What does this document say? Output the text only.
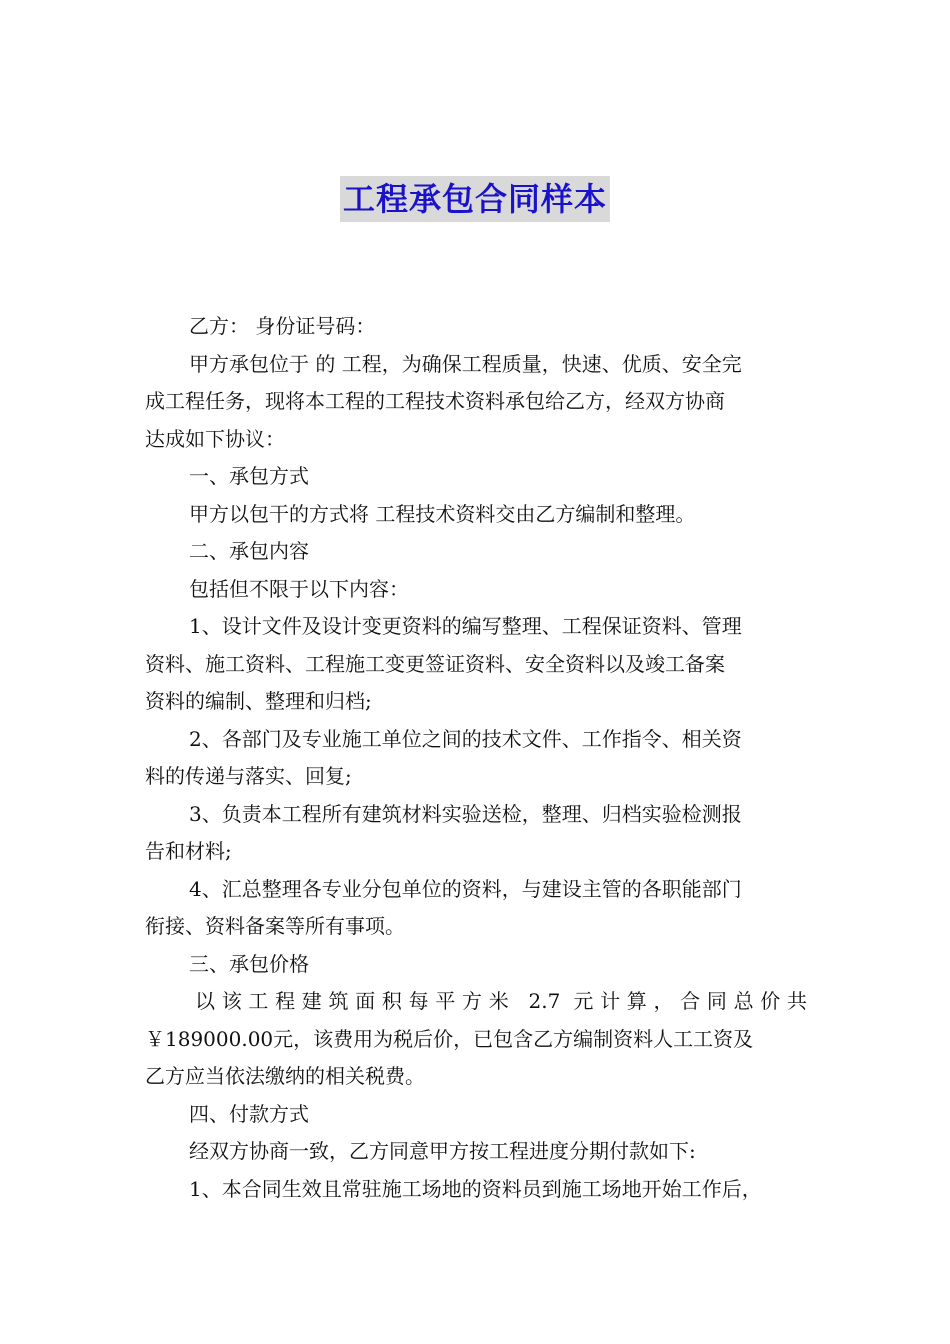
工程承包合同样本
乙方： 身份证号码：
甲方承包位于 的 工程，为确保工程质量，快速、优质、安全完
成工程任务，现将本工程的工程技术资料承包给乙方，经双方协商
达成如下协议：
一、承包方式
甲方以包干的方式将 工程技术资料交由乙方编制和整理。
二、承包内容
包括但不限于以下内容：
1、设计文件及设计变更资料的编写整理、工程保证资料、管理
资料、施工资料、工程施工变更签证资料、安全资料以及竣工备案
资料的编制、整理和归档;
2、各部门及专业施工单位之间的技术文件、工作指令、相关资
料的传递与落实、回复;
3、负责本工程所有建筑材料实验送检，整理、归档实验检测报
告和材料;
4、汇总整理各专业分包单位的资料，与建设主管的各职能部门
衔接、资料备案等所有事项。
三、承包价格
以该工程建筑面积每平方米 2.7 元计算，合同总价共
￥189000.00元，该费用为税后价，已包含乙方编制资料人工工资及
乙方应当依法缴纳的相关税费。
四、付款方式
经双方协商一致，乙方同意甲方按工程进度分期付款如下:
1、本合同生效且常驻施工场地的资料员到施工场地开始工作后，
